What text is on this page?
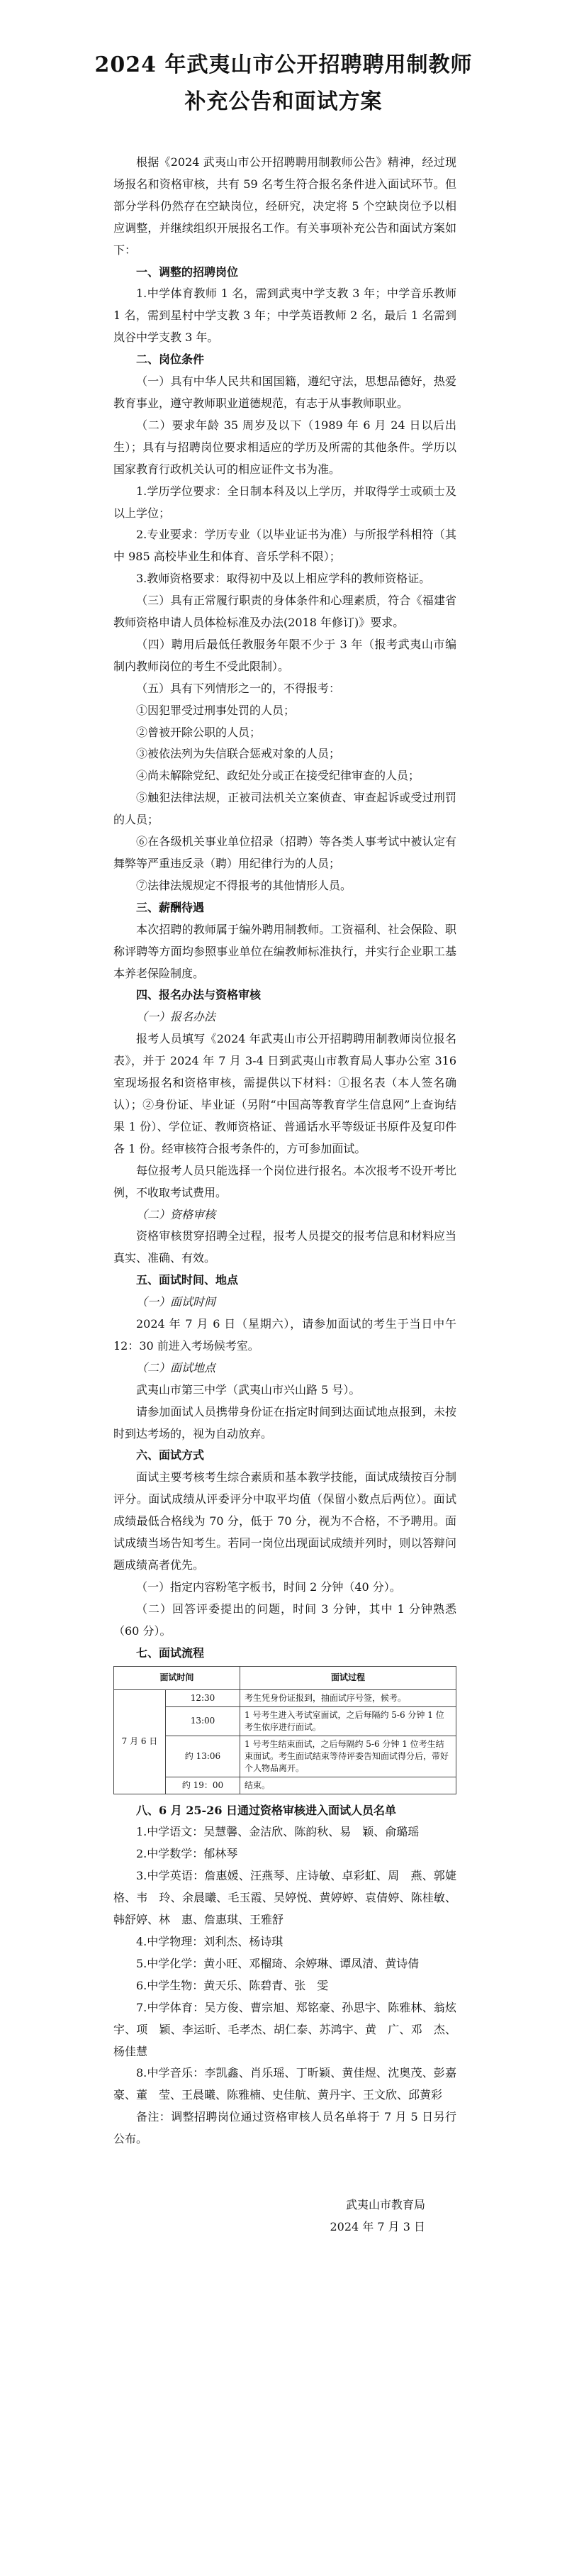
2024 年武夷山市公开招聘聘用制教师
补充公告和面试方案

根据《2024 武夷山市公开招聘聘用制教师公告》精神，经过现场报名和资格审核，共有 59 名考生符合报名条件进入面试环节。但部分学科仍然存在空缺岗位，经研究，决定将 5 个空缺岗位予以相应调整，并继续组织开展报名工作。有关事项补充公告和面试方案如下：

一、调整的招聘岗位

1.中学体育教师 1 名，需到武夷中学支教 3 年；中学音乐教师 1 名，需到星村中学支教 3 年；中学英语教师 2 名，最后 1 名需到岚谷中学支教 3 年。

二、岗位条件

（一）具有中华人民共和国国籍，遵纪守法，思想品德好，热爱教育事业，遵守教师职业道德规范，有志于从事教师职业。

（二）要求年龄 35 周岁及以下（1989 年 6 月 24 日以后出生）；具有与招聘岗位要求相适应的学历及所需的其他条件。学历以国家教育行政机关认可的相应证件文书为准。

1.学历学位要求：全日制本科及以上学历，并取得学士或硕士及以上学位；

2.专业要求：学历专业（以毕业证书为准）与所报学科相符（其中 985 高校毕业生和体育、音乐学科不限）；

3.教师资格要求：取得初中及以上相应学科的教师资格证。

（三）具有正常履行职责的身体条件和心理素质，符合《福建省教师资格申请人员体检标准及办法(2018 年修订)》要求。

（四）聘用后最低任教服务年限不少于 3 年（报考武夷山市编制内教师岗位的考生不受此限制）。

（五）具有下列情形之一的，不得报考：

①因犯罪受过刑事处罚的人员；

②曾被开除公职的人员；

③被依法列为失信联合惩戒对象的人员；

④尚未解除党纪、政纪处分或正在接受纪律审查的人员；

⑤触犯法律法规，正被司法机关立案侦查、审查起诉或受过刑罚的人员；

⑥在各级机关事业单位招录（招聘）等各类人事考试中被认定有舞弊等严重违反录（聘）用纪律行为的人员；

⑦法律法规规定不得报考的其他情形人员。

三、薪酬待遇

本次招聘的教师属于编外聘用制教师。工资福利、社会保险、职称评聘等方面均参照事业单位在编教师标准执行，并实行企业职工基本养老保险制度。

四、报名办法与资格审核

（一）报名办法

报考人员填写《2024 年武夷山市公开招聘聘用制教师岗位报名表》，并于 2024 年 7 月 3-4 日到武夷山市教育局人事办公室 316 室现场报名和资格审核，需提供以下材料：①报名表（本人签名确认）；②身份证、毕业证（另附“中国高等教育学生信息网”上查询结果 1 份）、学位证、教师资格证、普通话水平等级证书原件及复印件各 1 份。经审核符合报考条件的，方可参加面试。

每位报考人员只能选择一个岗位进行报名。本次报考不设开考比例，不收取考试费用。

（二）资格审核

资格审核贯穿招聘全过程，报考人员提交的报考信息和材料应当真实、准确、有效。

五、面试时间、地点

（一）面试时间

2024 年 7 月 6 日（星期六），请参加面试的考生于当日中午 12：30 前进入考场候考室。

（二）面试地点

武夷山市第三中学（武夷山市兴山路 5 号）。

请参加面试人员携带身份证在指定时间到达面试地点报到，未按时到达考场的，视为自动放弃。

六、面试方式

面试主要考核考生综合素质和基本教学技能，面试成绩按百分制评分。面试成绩从评委评分中取平均值（保留小数点后两位）。面试成绩最低合格线为 70 分，低于 70 分，视为不合格，不予聘用。面试成绩当场告知考生。若同一岗位出现面试成绩并列时，则以答辩问题成绩高者优先。

（一）指定内容粉笔字板书，时间 2 分钟（40 分）。

（二）回答评委提出的问题，时间 3 分钟，其中 1 分钟熟悉（60 分）。

七、面试流程

面试时间		面试过程
7 月 6 日	12:30	考生凭身份证报到，抽面试序号签，候考。
	13:00	1 号考生进入考试室面试，之后每隔约 5-6 分钟 1 位考生依序进行面试。
	约 13:06	1 号考生结束面试，之后每隔约 5-6 分钟 1 位考生结束面试。考生面试结束等待评委告知面试得分后，带好个人物品离开。
	约 19：00	结束。

八、6 月 25-26 日通过资格审核进入面试人员名单

1.中学语文：吴慧馨、金洁欣、陈韵秋、易　颖、俞璐瑶

2.中学数学：郁林琴

3.中学英语：詹惠媛、汪燕琴、庄诗敏、卓彩虹、周　燕、郭婕格、韦　玲、余晨曦、毛玉霞、吴婷悦、黄婷婷、袁倩婷、陈桂敏、韩舒婷、林　惠、詹惠琪、王雅舒

4.中学物理：刘利杰、杨诗琪

5.中学化学：黄小旺、邓榴琦、余婷琳、谭凤清、黄诗倩

6.中学生物：黄天乐、陈碧青、张　雯

7.中学体育：吴方俊、曹宗旭、郑铭豪、孙思宇、陈雅林、翁炫宇、项　颖、李运昕、毛孝杰、胡仁泰、苏鸿宇、黄　广、邓　杰、杨佳慧

8.中学音乐：李凯鑫、肖乐瑶、丁昕颖、黄佳煜、沈奥茂、彭嘉豪、董　莹、王晨曦、陈雅楠、史佳航、黄丹宇、王文欣、邱黄彩

备注：调整招聘岗位通过资格审核人员名单将于 7 月 5 日另行公布。

武夷山市教育局

2024 年 7 月 3 日
